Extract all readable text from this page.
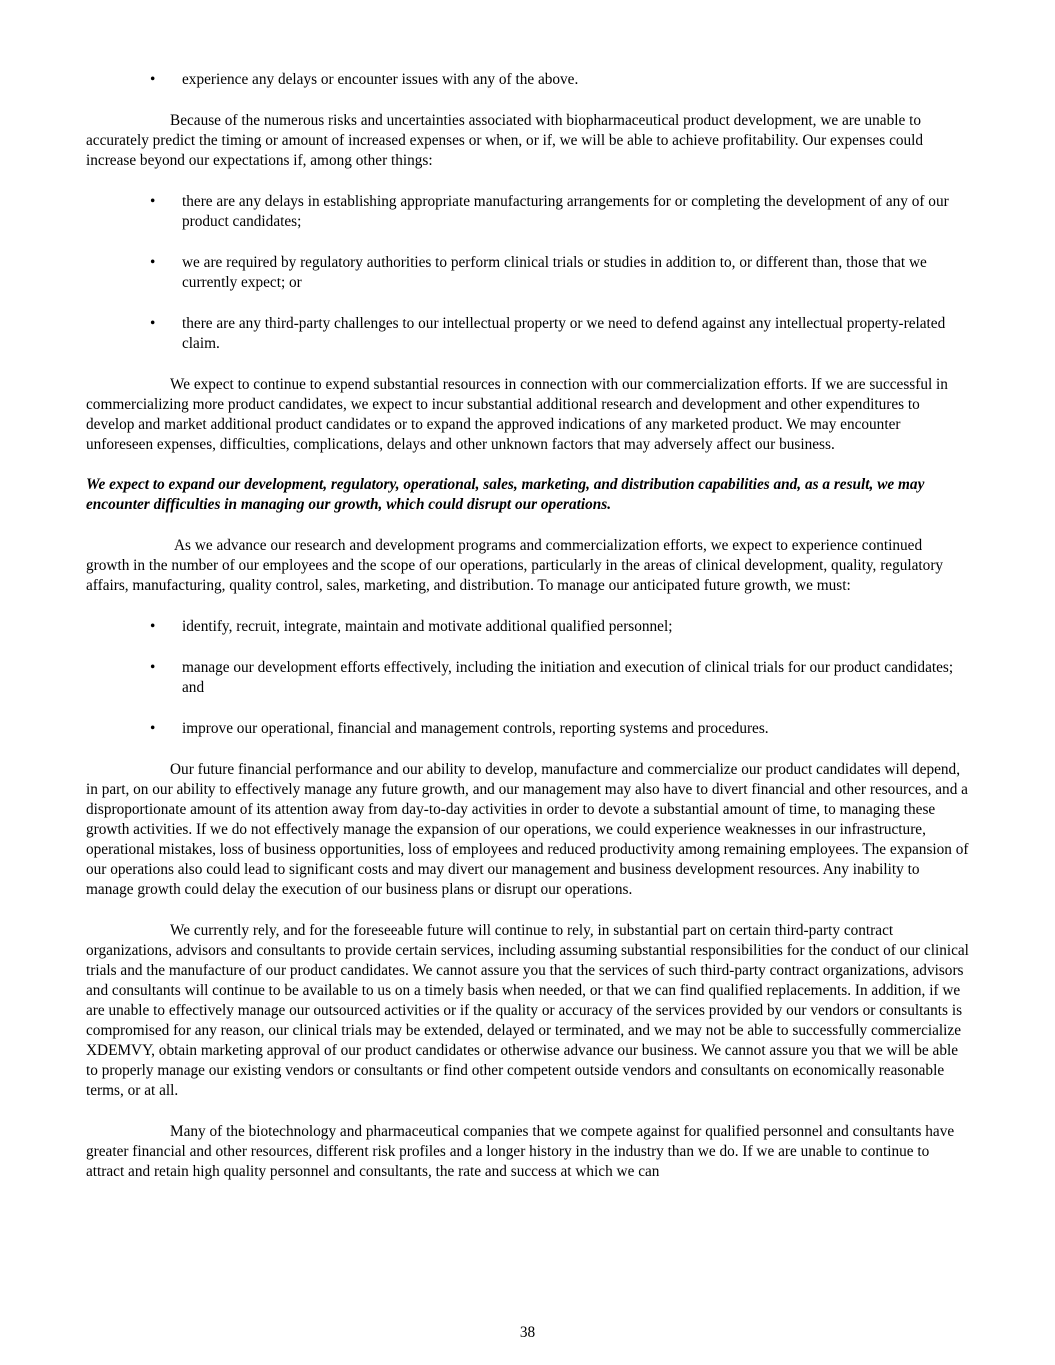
• experience any delays or encounter issues with any of the above.

Because of the numerous risks and uncertainties associated with biopharmaceutical product development, we are unable to accurately predict the timing or amount of increased expenses or when, or if, we will be able to achieve profitability. Our expenses could increase beyond our expectations if, among other things:

• there are any delays in establishing appropriate manufacturing arrangements for or completing the development of any of our product candidates;
• we are required by regulatory authorities to perform clinical trials or studies in addition to, or different than, those that we currently expect; or
• there are any third-party challenges to our intellectual property or we need to defend against any intellectual property-related claim.

We expect to continue to expend substantial resources in connection with our commercialization efforts. If we are successful in commercializing more product candidates, we expect to incur substantial additional research and development and other expenditures to develop and market additional product candidates or to expand the approved indications of any marketed product. We may encounter unforeseen expenses, difficulties, complications, delays and other unknown factors that may adversely affect our business.

We expect to expand our development, regulatory, operational, sales, marketing, and distribution capabilities and, as a result, we may encounter difficulties in managing our growth, which could disrupt our operations.

As we advance our research and development programs and commercialization efforts, we expect to experience continued growth in the number of our employees and the scope of our operations, particularly in the areas of clinical development, quality, regulatory affairs, manufacturing, quality control, sales, marketing, and distribution. To manage our anticipated future growth, we must:

• identify, recruit, integrate, maintain and motivate additional qualified personnel;
• manage our development efforts effectively, including the initiation and execution of clinical trials for our product candidates; and
• improve our operational, financial and management controls, reporting systems and procedures.

Our future financial performance and our ability to develop, manufacture and commercialize our product candidates will depend, in part, on our ability to effectively manage any future growth, and our management may also have to divert financial and other resources, and a disproportionate amount of its attention away from day-to-day activities in order to devote a substantial amount of time, to managing these growth activities. If we do not effectively manage the expansion of our operations, we could experience weaknesses in our infrastructure, operational mistakes, loss of business opportunities, loss of employees and reduced productivity among remaining employees. The expansion of our operations also could lead to significant costs and may divert our management and business development resources. Any inability to manage growth could delay the execution of our business plans or disrupt our operations.

We currently rely, and for the foreseeable future will continue to rely, in substantial part on certain third-party contract organizations, advisors and consultants to provide certain services, including assuming substantial responsibilities for the conduct of our clinical trials and the manufacture of our product candidates. We cannot assure you that the services of such third-party contract organizations, advisors and consultants will continue to be available to us on a timely basis when needed, or that we can find qualified replacements. In addition, if we are unable to effectively manage our outsourced activities or if the quality or accuracy of the services provided by our vendors or consultants is compromised for any reason, our clinical trials may be extended, delayed or terminated, and we may not be able to successfully commercialize XDEMVY, obtain marketing approval of our product candidates or otherwise advance our business. We cannot assure you that we will be able to properly manage our existing vendors or consultants or find other competent outside vendors and consultants on economically reasonable terms, or at all.

Many of the biotechnology and pharmaceutical companies that we compete against for qualified personnel and consultants have greater financial and other resources, different risk profiles and a longer history in the industry than we do. If we are unable to continue to attract and retain high quality personnel and consultants, the rate and success at which we can

38
